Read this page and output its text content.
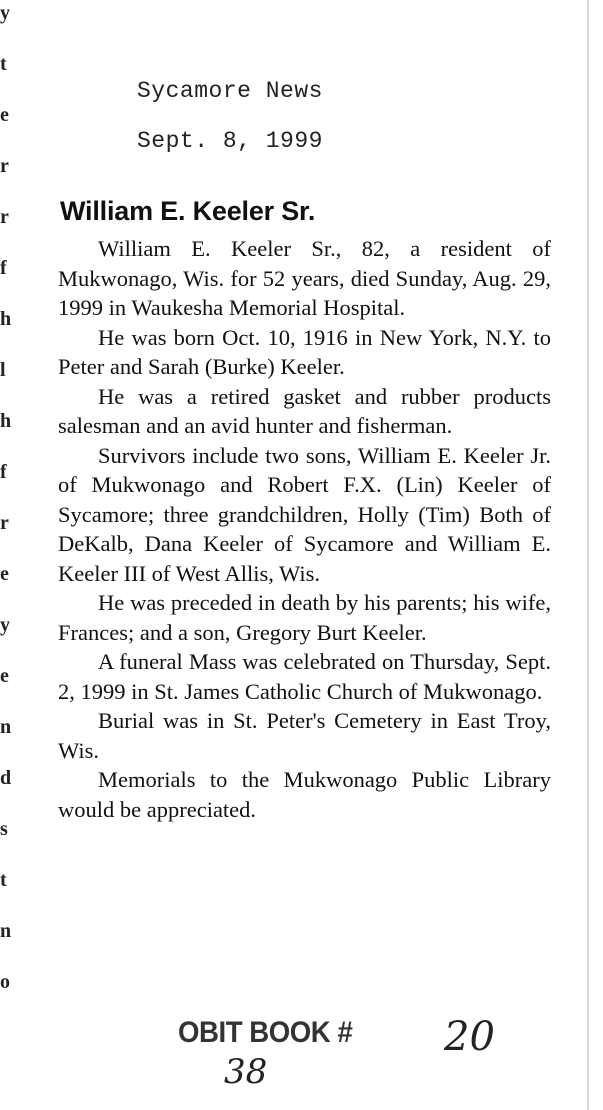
y
t
e
r
r
f
h
l
h
f
r
e
y
e
n
d
s
t
n
o
Sycamore News
Sept. 8, 1999
William E. Keeler Sr.

William E. Keeler Sr., 82, a resident of Mukwonago, Wis. for 52 years, died Sunday, Aug. 29, 1999 in Waukesha Memorial Hospital.

He was born Oct. 10, 1916 in New York, N.Y. to Peter and Sarah (Burke) Keeler.

He was a retired gasket and rubber products salesman and an avid hunter and fisherman.

Survivors include two sons, William E. Keeler Jr. of Mukwonago and Robert F.X. (Lin) Keeler of Sycamore; three grandchildren, Holly (Tim) Both of DeKalb, Dana Keeler of Sycamore and William E. Keeler III of West Allis, Wis.

He was preceded in death by his parents; his wife, Frances; and a son, Gregory Burt Keeler.

A funeral Mass was celebrated on Thursday, Sept. 2, 1999 in St. James Catholic Church of Mukwonago.

Burial was in St. Peter's Cemetery in East Troy, Wis.

Memorials to the Mukwonago Public Library would be appreciated.

OBIT BOOK # 20
38
